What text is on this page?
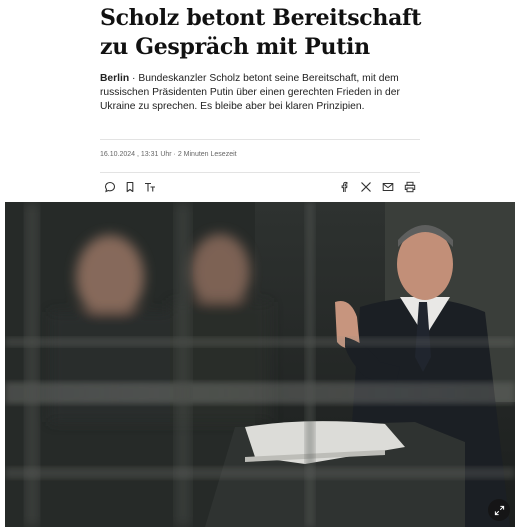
Scholz betont Bereitschaft zu Gespräch mit Putin

Berlin · Bundeskanzler Scholz betont seine Bereitschaft, mit dem russischen Präsidenten Putin über einen gerechten Frieden in der Ukraine zu sprechen. Es bleibe aber bei klaren Prinzipien.

16.10.2024 , 13:31 Uhr · 2 Minuten Lesezeit
